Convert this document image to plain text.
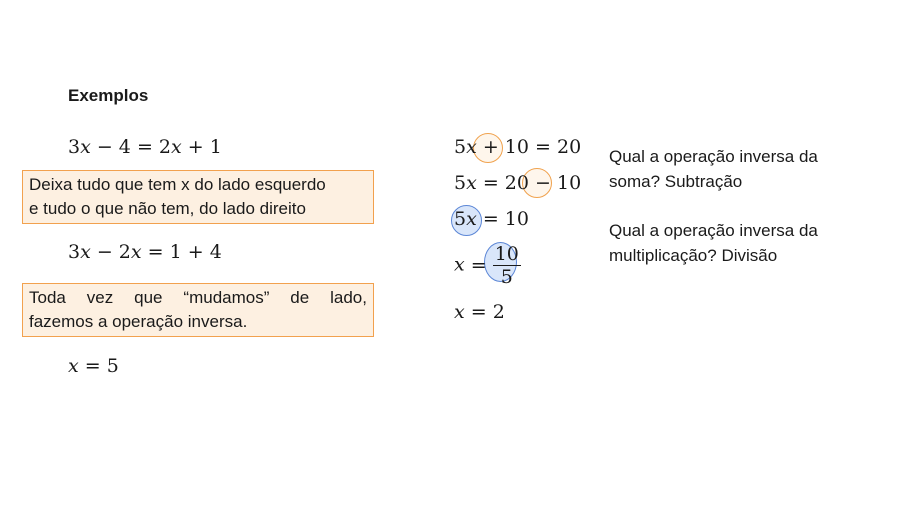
Exemplos
3x − 4 = 2x + 1
Deixa tudo que tem x do lado esquerdo
e tudo o que não tem, do lado direito
3x − 2x = 1 + 4
Toda vez que “mudamos” de lado,
fazemos a operação inversa.
x = 5
5x + 10 = 20
5x = 20 − 10
5x = 10
$x = \frac{10}{5}$
x = 2
Qual a operação inversa da
soma? Subtração
Qual a operação inversa da
multiplicação? Divisão
